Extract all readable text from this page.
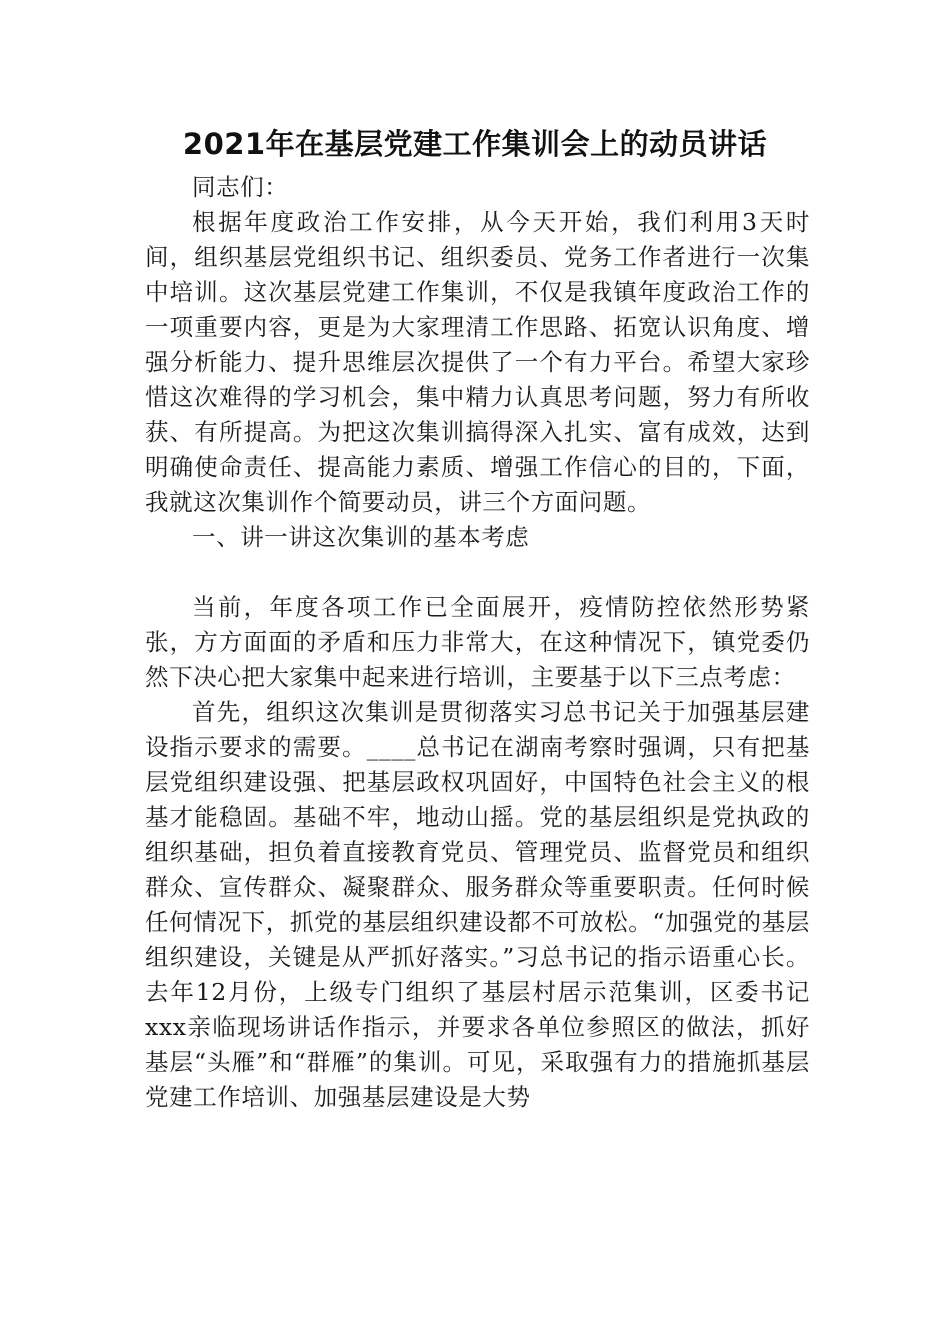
2021年在基层党建工作集训会上的动员讲话

同志们：

根据年度政治工作安排，从今天开始，我们利用3天时间，组织基层党组织书记、组织委员、党务工作者进行一次集中培训。这次基层党建工作集训，不仅是我镇年度政治工作的一项重要内容，更是为大家理清工作思路、拓宽认识角度、增强分析能力、提升思维层次提供了一个有力平台。希望大家珍惜这次难得的学习机会，集中精力认真思考问题，努力有所收获、有所提高。为把这次集训搞得深入扎实、富有成效，达到明确使命责任、提高能力素质、增强工作信心的目的，下面，我就这次集训作个简要动员，讲三个方面问题。

一、讲一讲这次集训的基本考虑

当前，年度各项工作已全面展开，疫情防控依然形势紧张，方方面面的矛盾和压力非常大，在这种情况下，镇党委仍然下决心把大家集中起来进行培训，主要基于以下三点考虑：

首先，组织这次集训是贯彻落实习总书记关于加强基层建设指示要求的需要。____总书记在湖南考察时强调，只有把基层党组织建设强、把基层政权巩固好，中国特色社会主义的根基才能稳固。基础不牢，地动山摇。党的基层组织是党执政的组织基础，担负着直接教育党员、管理党员、监督党员和组织群众、宣传群众、凝聚群众、服务群众等重要职责。任何时候任何情况下，抓党的基层组织建设都不可放松。“加强党的基层组织建设，关键是从严抓好落实。”习总书记的指示语重心长。去年12月份，上级专门组织了基层村居示范集训，区委书记xxx亲临现场讲话作指示，并要求各单位参照区的做法，抓好基层“头雁”和“群雁”的集训。可见，采取强有力的措施抓基层党建工作培训、加强基层建设是大势
